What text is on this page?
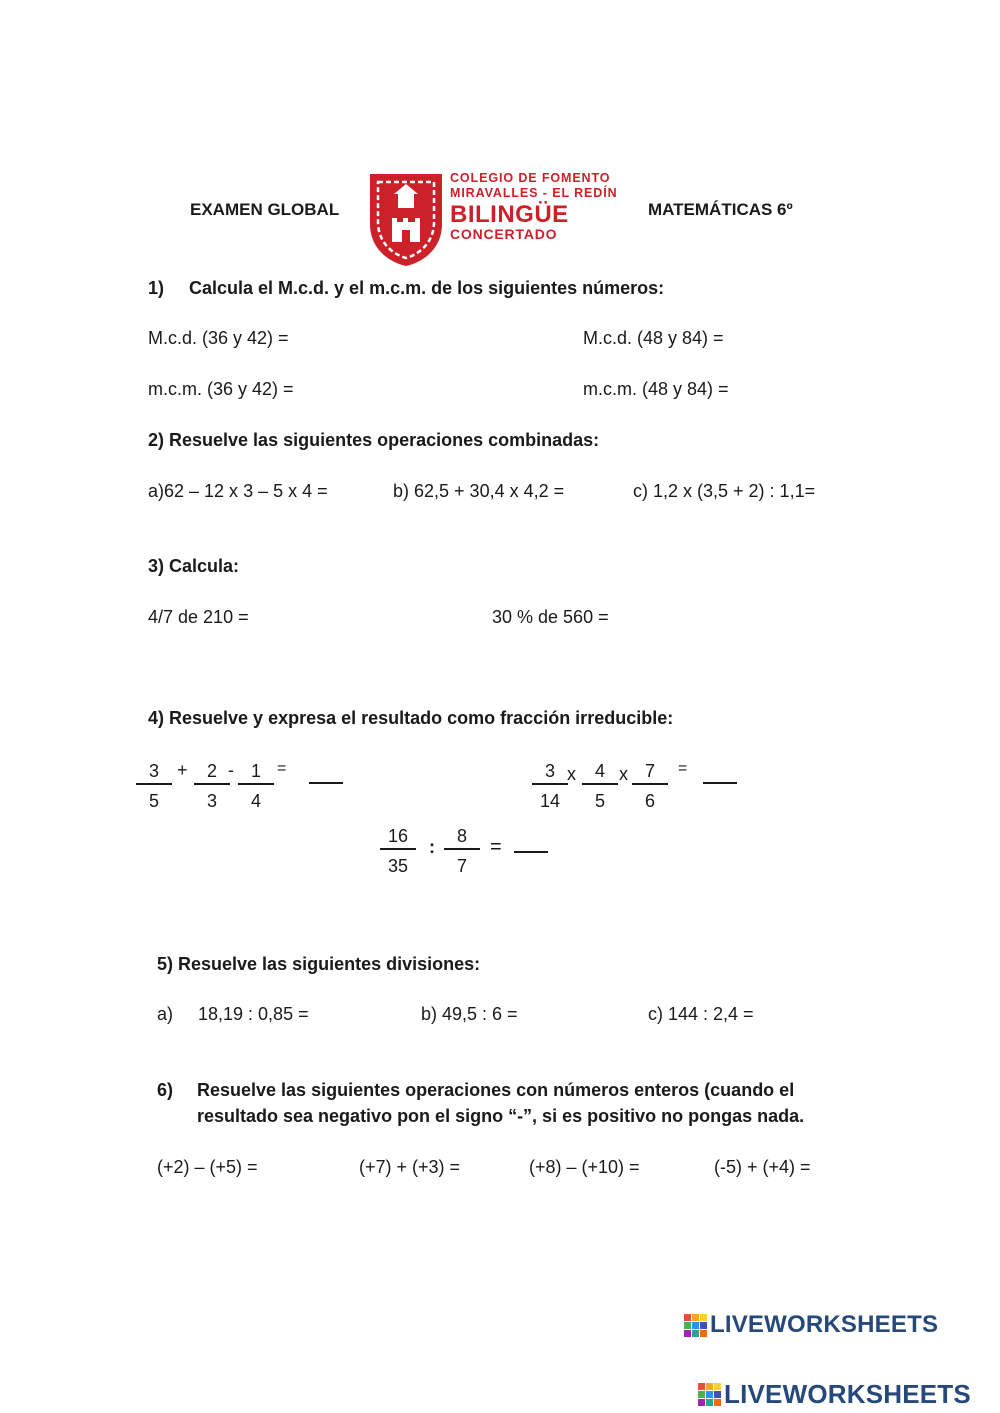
EXAMEN GLOBAL
COLEGIO DE FOMENTO
MIRAVALLES - EL REDÍN
BILINGÜE
CONCERTADO
MATEMÁTICAS 6º
1) Calcula el M.c.d. y el m.c.m. de los siguientes números:
M.c.d. (36 y 42) =	M.c.d. (48 y 84) =
m.c.m. (36 y 42) =	m.c.m. (48 y 84) =
2) Resuelve las siguientes operaciones combinadas:
a)62 – 12 x 3 – 5 x 4 =	b) 62,5 + 30,4 x 4,2 =	c) 1,2 x (3,5 + 2) : 1,1=
3) Calcula:
4/7 de 210 =	30 % de 560 =
4) Resuelve y expresa el resultado como fracción irreducible:
3
5
+	2
3
- 1
4
=	3
14
x	4
5
x 7
6
=
16
35
:
8
7
=
5) Resuelve las siguientes divisiones:
a) 18,19 : 0,85 =	b) 49,5 : 6 =	c) 144 : 2,4 =
6) Resuelve las siguientes operaciones con números enteros (cuando el
resultado sea negativo pon el signo “-”, si es positivo no pongas nada.
(+2) – (+5) =	(+7) + (+3) =	(+8) – (+10) =	(-5) + (+4) =
LIVEWORKSHEETS
LIVEWORKSHEETS
